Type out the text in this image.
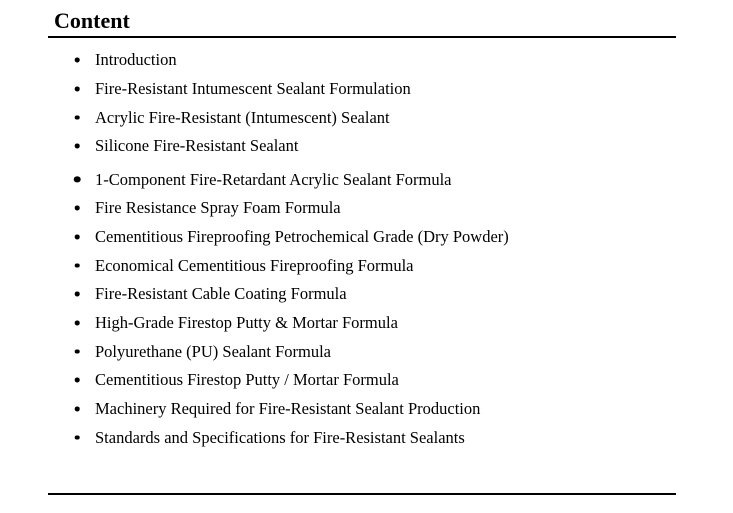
Content
Introduction
Fire-Resistant Intumescent Sealant Formulation
Acrylic Fire-Resistant (Intumescent) Sealant
Silicone Fire-Resistant Sealant
1-Component Fire-Retardant Acrylic Sealant Formula
Fire Resistance Spray Foam Formula
Cementitious Fireproofing Petrochemical Grade (Dry Powder)
Economical Cementitious Fireproofing Formula
Fire-Resistant Cable Coating Formula
High-Grade Firestop Putty & Mortar Formula
Polyurethane (PU) Sealant Formula
Cementitious Firestop Putty / Mortar Formula
Machinery Required for Fire-Resistant Sealant Production
Standards and Specifications for Fire-Resistant Sealants
